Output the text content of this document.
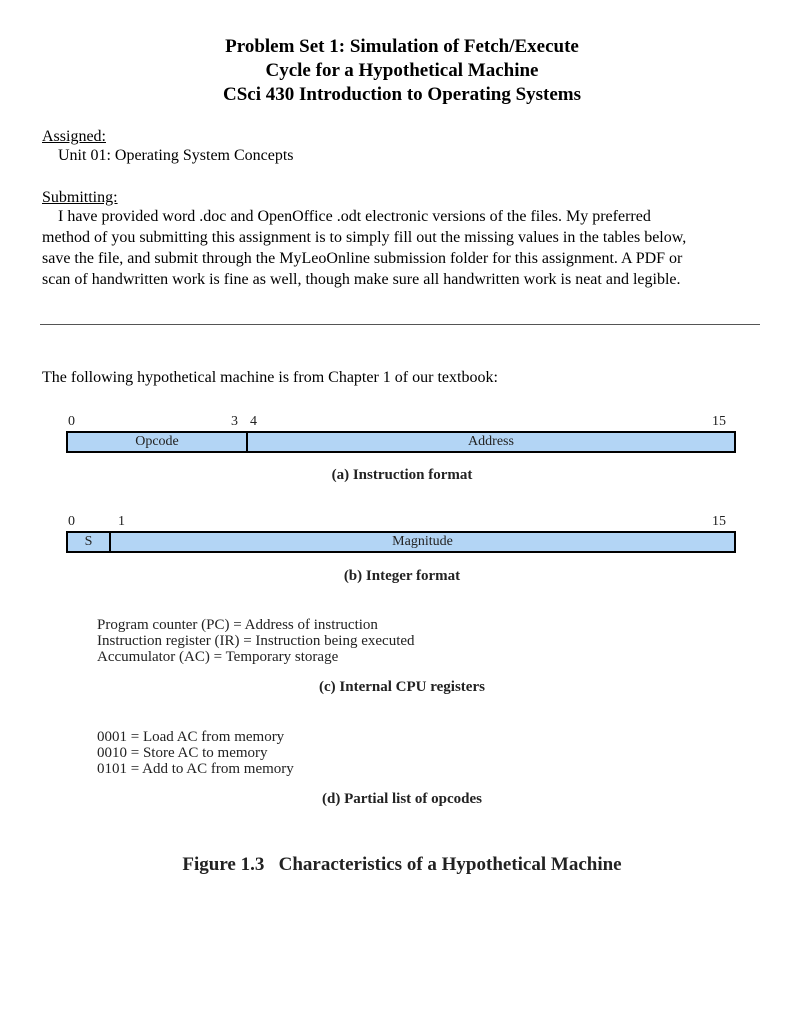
Problem Set 1: Simulation of Fetch/Execute
Cycle for a Hypothetical Machine
CSci 430 Introduction to Operating Systems
Assigned:
Unit 01: Operating System Concepts
Submitting:
I have provided word .doc and OpenOffice .odt electronic versions of the files. My preferred
method of you submitting this assignment is to simply fill out the missing values in the tables below,
save the file, and submit through the MyLeoOnline submission folder for this assignment. A PDF or
scan of handwritten work is fine as well, though make sure all handwritten work is neat and legible.
The following hypothetical machine is from Chapter 1 of our textbook:
0	3 4	15
Opcode	Address
(a) Instruction format
0	1	15
S	Magnitude
(b) Integer format
Program counter (PC) = Address of instruction
Instruction register (IR) = Instruction being executed
Accumulator (AC) = Temporary storage
(c) Internal CPU registers
0001 = Load AC from memory
0010 = Store AC to memory
0101 = Add to AC from memory
(d) Partial list of opcodes
Figure 1.3   Characteristics of a Hypothetical Machine
